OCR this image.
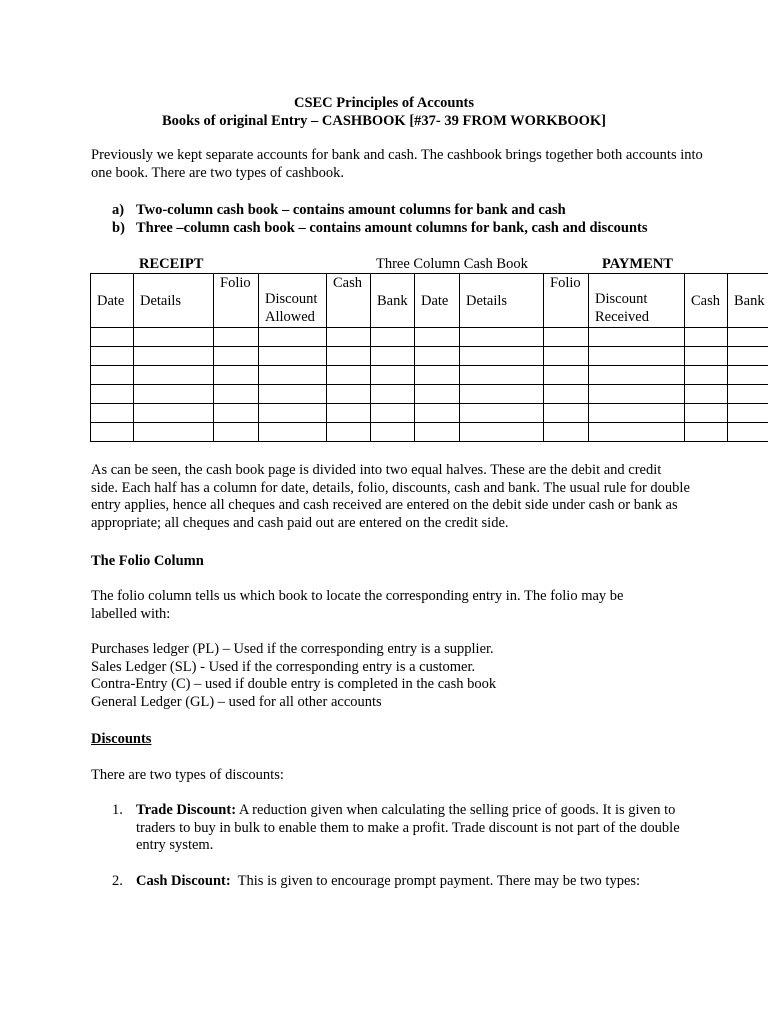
CSEC Principles of Accounts
Books of original Entry – CASHBOOK [#37- 39 FROM WORKBOOK]
Previously we kept separate accounts for bank and cash. The cashbook brings together both accounts into one book. There are two types of cashbook.
a) Two-column cash book – contains amount columns for bank and cash
b) Three –column cash book – contains amount columns for bank, cash and discounts
RECEIPT	Three Column Cash Book	PAYMENT
Date	Details	Folio	Discount Allowed	Cash	Bank	Date	Details	Folio	Discount Received	Cash	Bank

As can be seen, the cash book page is divided into two equal halves. These are the debit and credit side. Each half has a column for date, details, folio, discounts, cash and bank. The usual rule for double entry applies, hence all cheques and cash received are entered on the debit side under cash or bank as appropriate; all cheques and cash paid out are entered on the credit side.
The Folio Column
The folio column tells us which book to locate the corresponding entry in. The folio may be labelled with:
Purchases ledger (PL) – Used if the corresponding entry is a supplier.
Sales Ledger (SL) - Used if the corresponding entry is a customer.
Contra-Entry (C) – used if double entry is completed in the cash book
General Ledger (GL) – used for all other accounts
Discounts
There are two types of discounts:
1. Trade Discount: A reduction given when calculating the selling price of goods. It is given to traders to buy in bulk to enable them to make a profit. Trade discount is not part of the double entry system.
2. Cash Discount:  This is given to encourage prompt payment. There may be two types:
